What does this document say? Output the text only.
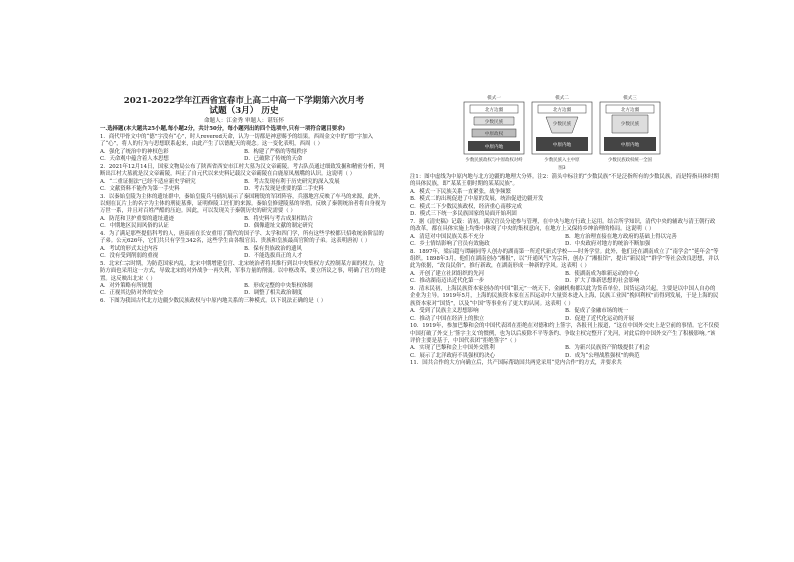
2021-2022学年江西省宜春市上高二中高一下学期第六次月考

试题（3月） 历史

命题人：江金秀 审题人：谌钰怀

一.选择题(本大题共25小题,每小题2分，共计50分，每小题列出的四个选项中,只有一项符合题目要求)

1．商代甲骨文中的“德”字没有“心”，时人revered天命，认为一切都是神意赐予的结果。西周金文中的“德”字加入了“心”，将人的行为与思想联系起来，由此产生了以德配天的观念。这一变化表明，西周（ ）

A．强化了统治中的神权色彩	B．构建了严格的等级秩序

C．天命观中蕴含着人本思想	D．已破除了传统的天命

2．2021年12月14日，国家文物局公布了陕西省西安市江村大墓为汉文帝霸陵。考古队员通过细致发掘和精密分析，判断出江村大墓就是汉文帝霸陵，纠正了自元代以来史料记载汉文帝霸陵在白鹿原凤凰嘴的认识。这说明（ ）

A．“二重证据法”已经不适应新史学研究	B．考古发现有利于历史研究的深入发展

C．文献资料不能作为第一手史料	D．考古发现是重要的第二手史料

3．以秦始皇陵为主体的遗址群中，秦始皇陵兵马俑坑展示了秦国精锐的军团阵容，兵器地宫反映了车马的来源，此外，以刻在瓦片上的名字为主体的刑徒墓葬，证明修陵工匠们的来源。秦始皇修建陵墓的举措，反映了秦朝统治者将自身视为万世一系，并且对百姓严酷的压迫。因此，可以发现关于秦朝历史的研究需要（ ）

A．防范和卫护重要的遗址遗迹	B．将史料与考古成果相结合

C．中期地区民间风俗的认证	D．偶像遗址文献的制定研究

4．为了满足那些提倡科考的人，唐高祖在长安重用了隋代的国子学、太学和四门学，所有这些学校都只招收统治阶层的子弟。公元626年，它们共只有学生342名，这些学生由各级官员、贵族和皇族最高官阶的子弟。这表明唐初（ ）

A．考试的形式太过内容	B．保有贵族政治的遗风

C．没有受到削弱的重视	D．不能选拔真正的人才

5．北宋仁宗时期，为防范国家内乱，北宋中期增建皇宫、北宋统治者将其推行到以中央集权方式控制某方面的权力，边防方面也采用这一方式，导致北宋的对外战争一再失利，军事力量的削弱。以中枢改革，要立所议之事，明确了官方的建置。这反映出北宋（ ）

A．对外策略有所规划	B．形成完整的中央集权体制

C．正视其边防对外的安全	D．调整了相关政治制度

6．下图为我国古代北方边疆少数民族政权与中原内地关系的三种模式。以下说法正确的是（ ）

模式一
北方边疆
少数民族
中原政权
中原内地
少数民族政权与中原政权对峙
模式二
北方边疆
少数民族
中原内地
少数民族入主中原
模式三
北方边疆
少数民族
中原内地
少数民族政权统一全国
图3

注1：图中虚线为中原内地与北方边疆的地理大分界。注2：箭头中标注的“少数民族”不是泛指所有的少数民族，而是特指具体时期的具体民族，即“某某王朝时期的某某民族”。

A．模式一下民族关系一直紧张，战争频繁

B．模式二的出现促进了中原的发展，统治促进边疆开发

C．模式二下少数民族政权，经济重心南移完成

D．模式三下统一多民族国家的局面开始巩固

7．据《清史稿》记载：清初，满汉官员分途参与管理，在中央与地方行政上运用。结合所学知识，清代中央的辅政与清王朝行政的改革，都在具体实施上均集中体现了中央的集权意向，在地方上又保持乡绅治理的格局。这说明（ ）

A．清廷对中国民族关系不充分	B．地方治理直接在地方政府的基础上得以完善

C．乡土情结影响了官员有效施政	D．中央政府对地方的统治不断加强

8．1897年，梁启超与谭嗣同等人创办的湖南第一所近代新式学校——时务学堂。此外，他们还在湖南成立了“南学会”“延年会”等组织。1898年3月，他们在湖南创办“湘报”，以“开通风气”为宗旨，创办了“湘报馆”，提出“新民说”“群学”等社会改良思想，并以此为依据，“改良民俗”，推行新政，在湖南形成一种新的学风。这表明（ ）

A．开创了建立社团组织的先河	B．使湖南成为维新运动的中心

C．推动湖南迈出近代化第一步	D．扩大了维新思想的社会影响

9．清末民初，上海民族资本家创办的中国“银元”一统天下，金融机构都以此为货币单位，国货运动兴起，主要是以中国人自办的企业为主导。1919年5月，上海的民族资本家在五四运动中大量资本进入上海，民族工业因“挽回利权”而得到发展，于是上海的民族资本家对“国货”，以及“中国”等事业有了更大的认同。这表明（ ）

A．受到了民族主义思想影响	B．促成了金融市场的统一

C．推动了中国在经济上的独立	D．促进了近代化运动的开展

10．1919年，参加巴黎和会的中国代表团在拒绝在对德和约上签字，各报刊上报道，“这在中国外交史上是空前的事情。它不仅使中国打破了外交上‘签字主义’的惯例，也为以后废除不平等条约、争取主权完整开了先河，对此后的中国外交产生了积极影响。”该评价主要是基于，中国代表团“拒绝签字”（ ）

A．实现了巴黎和会上中国外交胜利	B．为新兴民族资产阶级提供了机会

C．展示了北洋政府不畏强权的决心	D．成为“公理战胜强权”的典范

11．国共合作的大方向确立后，共产国际帮助国共两党采用“党内合作”的方式，并要求共
